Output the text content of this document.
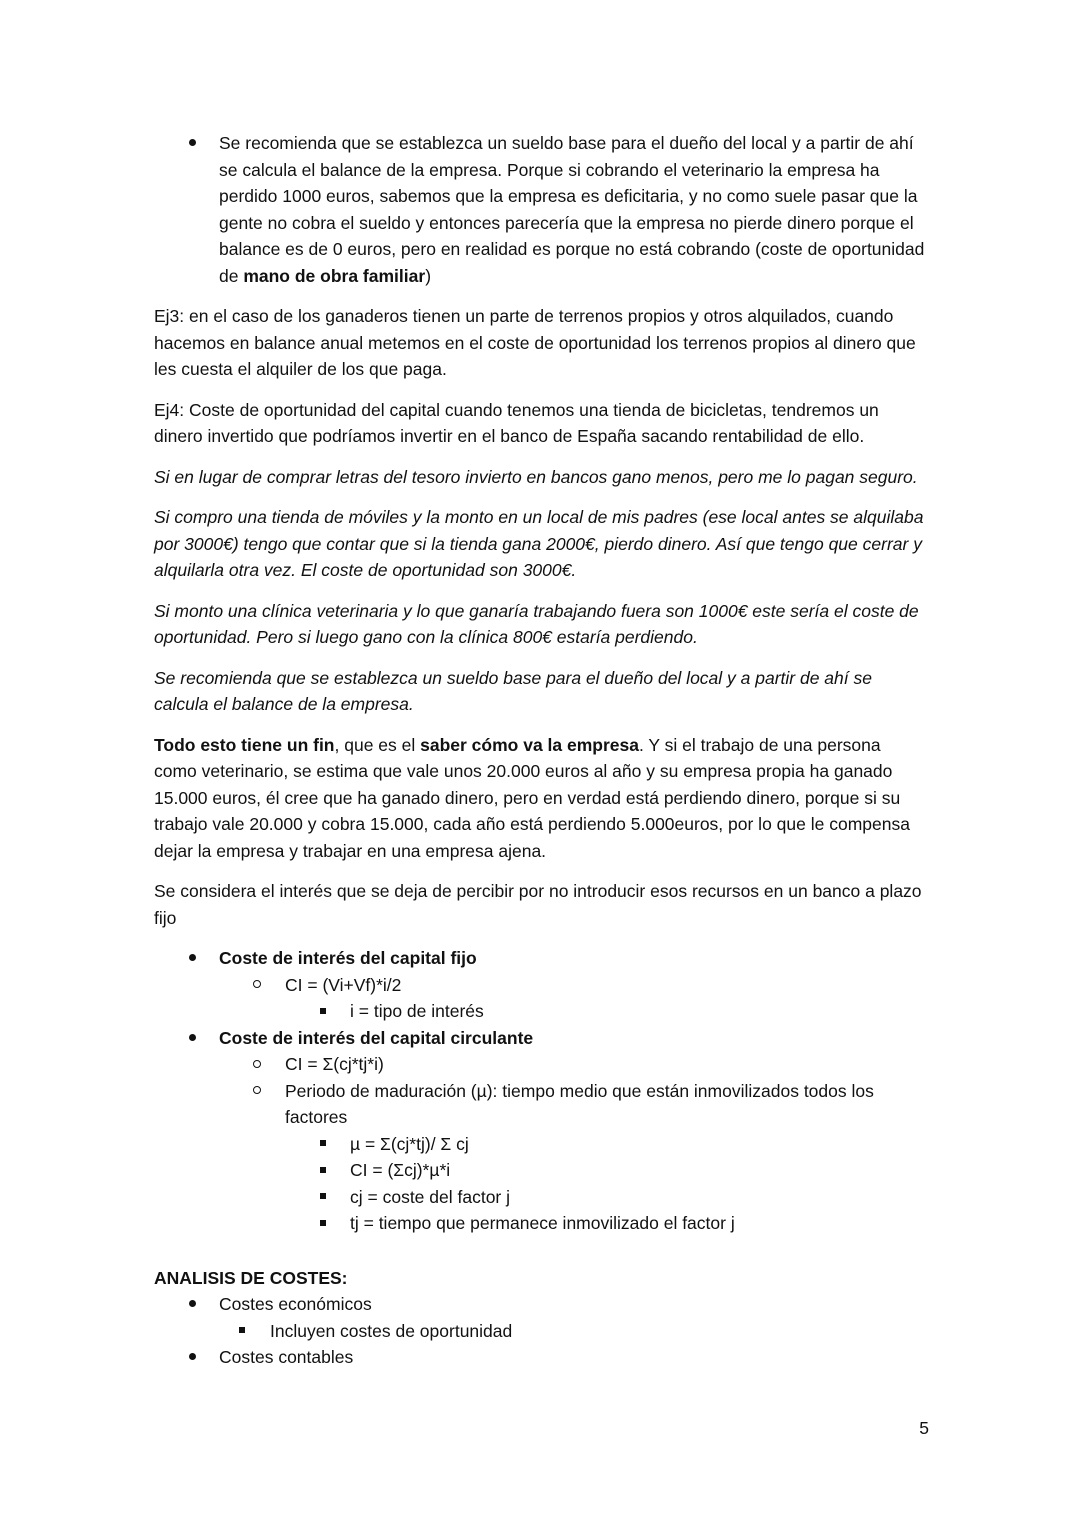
Se recomienda que se establezca un sueldo base para el dueño del local y a partir de ahí se calcula el balance de la empresa. Porque si cobrando el veterinario la empresa ha perdido 1000 euros, sabemos que la empresa es deficitaria, y no como suele pasar que la gente no cobra el sueldo y entonces parecería que la empresa no pierde dinero porque el balance es de 0 euros, pero en realidad es porque no está cobrando (coste de oportunidad de mano de obra familiar)

Ej3: en el caso de los ganaderos tienen un parte de terrenos propios y otros alquilados, cuando hacemos en balance anual metemos en el coste de oportunidad los terrenos propios al dinero que les cuesta el alquiler de los que paga.

Ej4: Coste de oportunidad del capital cuando tenemos una tienda de bicicletas, tendremos un dinero invertido que podríamos invertir en el banco de España sacando rentabilidad de ello.

Si en lugar de comprar letras del tesoro invierto en bancos gano menos, pero me lo pagan seguro.

Si compro una tienda de móviles y la monto en un local de mis padres (ese local antes se alquilaba por 3000€) tengo que contar que si la tienda gana 2000€, pierdo dinero. Así que tengo que cerrar y alquilarla otra vez. El coste de oportunidad son 3000€.

Si monto una clínica veterinaria y lo que ganaría trabajando fuera son 1000€ este sería el coste de oportunidad. Pero si luego gano con la clínica 800€ estaría perdiendo.

Se recomienda que se establezca un sueldo base para el dueño del local y a partir de ahí se calcula el balance de la empresa.

Todo esto tiene un fin, que es el saber cómo va la empresa. Y si el trabajo de una persona como veterinario, se estima que vale unos 20.000 euros al año y su empresa propia ha ganado 15.000 euros, él cree que ha ganado dinero, pero en verdad está perdiendo dinero, porque si su trabajo vale 20.000 y cobra 15.000, cada año está perdiendo 5.000euros, por lo que le compensa dejar la empresa y trabajar en una empresa ajena.

Se considera el interés que se deja de percibir por no introducir esos recursos en un banco a plazo fijo

Coste de interés del capital fijo
CI = (Vi+Vf)*i/2
i = tipo de interés
Coste de interés del capital circulante
CI = Σ(cj*tj*i)
Periodo de maduración (µ): tiempo medio que están inmovilizados todos los factores
µ = Σ(cj*tj)/ Σ cj
CI = (Σcj)*µ*i
cj = coste del factor j
tj = tiempo que permanece inmovilizado el factor j
ANALISIS DE COSTES:
Costes económicos
Incluyen costes de oportunidad
Costes contables
5
